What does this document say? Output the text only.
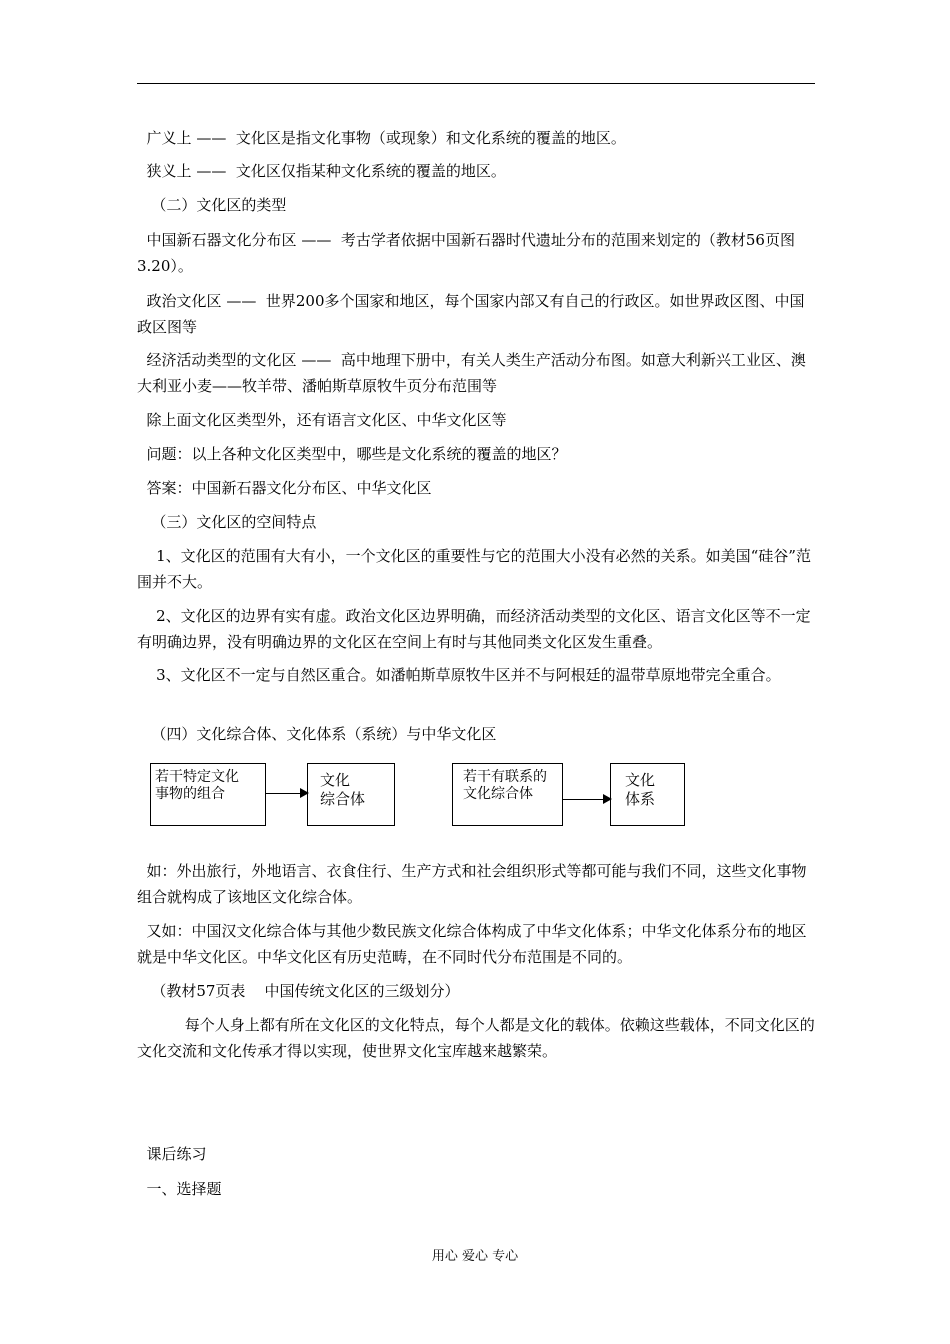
广义上 ——  文化区是指文化事物（或现象）和文化系统的覆盖的地区。
狭义上 ——  文化区仅指某种文化系统的覆盖的地区。
（二）文化区的类型
中国新石器文化分布区 ——  考古学者依据中国新石器时代遗址分布的范围来划定的（教材56页图3.20）。
政治文化区 ——  世界200多个国家和地区，每个国家内部又有自己的行政区。如世界政区图、中国政区图等
经济活动类型的文化区 ——  高中地理下册中，有关人类生产活动分布图。如意大利新兴工业区、澳大利亚小麦——牧羊带、潘帕斯草原牧牛页分布范围等
除上面文化区类型外，还有语言文化区、中华文化区等
问题：以上各种文化区类型中，哪些是文化系统的覆盖的地区？
答案：中国新石器文化分布区、中华文化区
（三）文化区的空间特点
1、文化区的范围有大有小，一个文化区的重要性与它的范围大小没有必然的关系。如美国“硅谷”范围并不大。
2、文化区的边界有实有虚。政治文化区边界明确，而经济活动类型的文化区、语言文化区等不一定有明确边界，没有明确边界的文化区在空间上有时与其他同类文化区发生重叠。
3、文化区不一定与自然区重合。如潘帕斯草原牧牛区并不与阿根廷的温带草原地带完全重合。
（四）文化综合体、文化体系（系统）与中华文化区
若干特定文化
事物的组合
文化
综合体
若干有联系的
文化综合体
文化
体系
如：外出旅行，外地语言、衣食住行、生产方式和社会组织形式等都可能与我们不同，这些文化事物组合就构成了该地区文化综合体。
又如：中国汉文化综合体与其他少数民族文化综合体构成了中华文化体系；中华文化体系分布的地区就是中华文化区。中华文化区有历史范畴，在不同时代分布范围是不同的。
（教材57页表    中国传统文化区的三级划分）
每个人身上都有所在文化区的文化特点，每个人都是文化的载体。依赖这些载体，不同文化区的文化交流和文化传承才得以实现，使世界文化宝库越来越繁荣。
课后练习
一、选择题
用心 爱心 专心
